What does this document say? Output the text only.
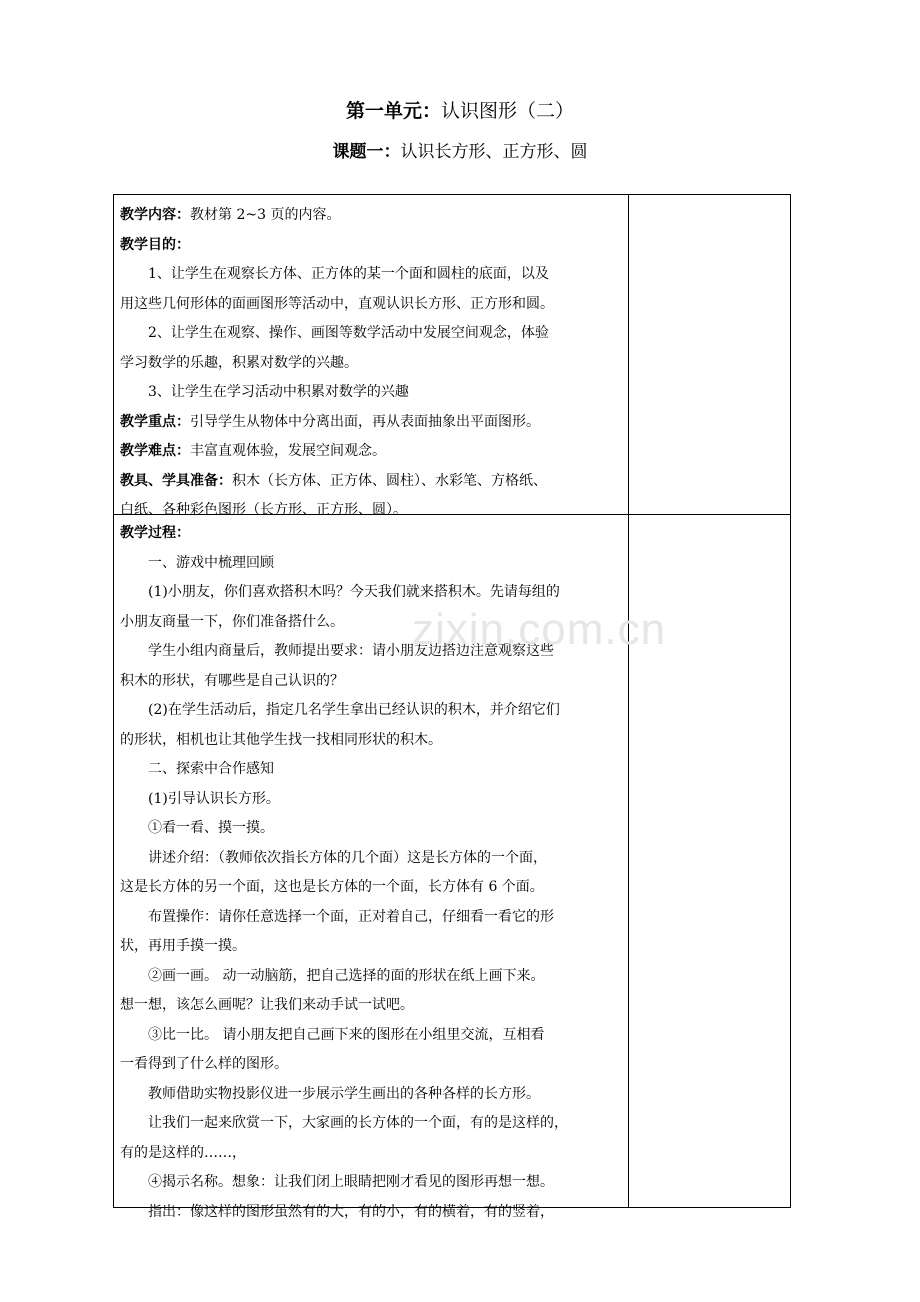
第一单元：认识图形（二）
课题一：认识长方形、正方形、圆
教学内容：教材第 2~3 页的内容。
教学目的：
1、让学生在观察长方体、正方体的某一个面和圆柱的底面，以及
用这些几何形体的面画图形等活动中，直观认识长方形、正方形和圆。
2、让学生在观察、操作、画图等数学活动中发展空间观念，体验
学习数学的乐趣，积累对数学的兴趣。
3、让学生在学习活动中积累对数学的兴趣
教学重点：引导学生从物体中分离出面，再从表面抽象出平面图形。
教学难点：丰富直观体验，发展空间观念。
教具、学具准备：积木（长方体、正方体、圆柱）、水彩笔、方格纸、
白纸、各种彩色图形（长方形、正方形、圆）。
教学过程：
一、游戏中梳理回顾
(1)小朋友，你们喜欢搭积木吗？今天我们就来搭积木。先请每组的
小朋友商量一下，你们准备搭什么。
学生小组内商量后，教师提出要求：请小朋友边搭边注意观察这些
积木的形状，有哪些是自己认识的？
(2)在学生活动后，指定几名学生拿出已经认识的积木，并介绍它们
的形状，相机也让其他学生找一找相同形状的积木。
二、探索中合作感知
(1)引导认识长方形。
①看一看、摸一摸。
讲述介绍：（教师依次指长方体的几个面）这是长方体的一个面，
这是长方体的另一个面，这也是长方体的一个面，长方体有 6 个面。
布置操作：请你任意选择一个面，正对着自己，仔细看一看它的形
状，再用手摸一摸。
②画一画。 动一动脑筋，把自己选择的面的形状在纸上画下来。
想一想，该怎么画呢？让我们来动手试一试吧。
③比一比。 请小朋友把自己画下来的图形在小组里交流，互相看
一看得到了什么样的图形。
教师借助实物投影仪进一步展示学生画出的各种各样的长方形。
让我们一起来欣赏一下，大家画的长方体的一个面，有的是这样的，
有的是这样的……，
④揭示名称。想象：让我们闭上眼睛把刚才看见的图形再想一想。
指出：像这样的图形虽然有的大，有的小，有的横着，有的竖着，
zixin.com.cn
